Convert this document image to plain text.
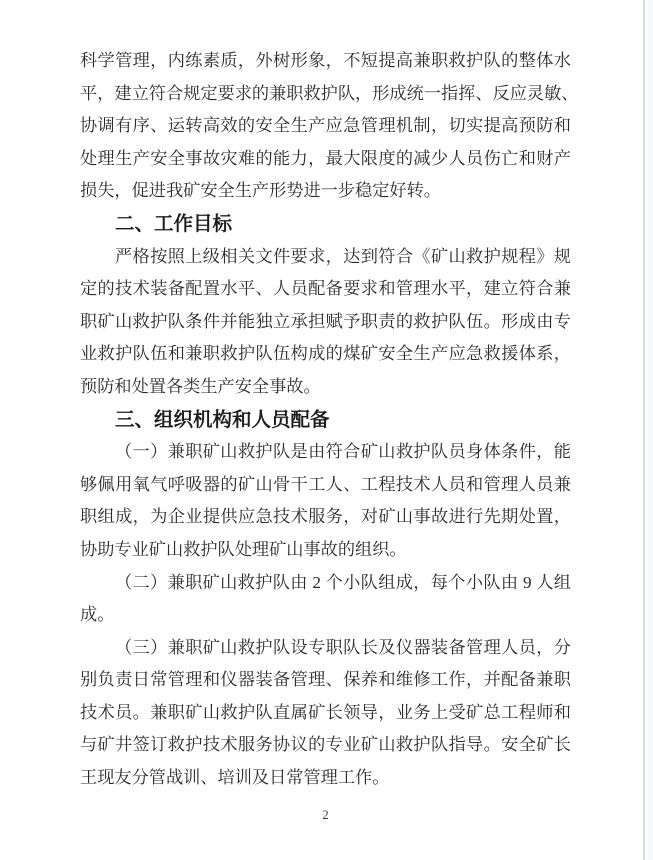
科学管理，内练素质，外树形象，不短提高兼职救护队的整体水
平，建立符合规定要求的兼职救护队，形成统一指挥、反应灵敏、
协调有序、运转高效的安全生产应急管理机制，切实提高预防和
处理生产安全事故灾难的能力，最大限度的减少人员伤亡和财产
损失，促进我矿安全生产形势进一步稳定好转。
二、工作目标
严格按照上级相关文件要求，达到符合《矿山救护规程》规
定的技术装备配置水平、人员配备要求和管理水平，建立符合兼
职矿山救护队条件并能独立承担赋予职责的救护队伍。形成由专
业救护队伍和兼职救护队伍构成的煤矿安全生产应急救援体系，
预防和处置各类生产安全事故。
三、组织机构和人员配备
（一）兼职矿山救护队是由符合矿山救护队员身体条件，能
够佩用氧气呼吸器的矿山骨干工人、工程技术人员和管理人员兼
职组成，为企业提供应急技术服务，对矿山事故进行先期处置，
协助专业矿山救护队处理矿山事故的组织。
（二）兼职矿山救护队由 2 个小队组成，每个小队由 9 人组
成。
（三）兼职矿山救护队设专职队长及仪器装备管理人员，分
别负责日常管理和仪器装备管理、保养和维修工作，并配备兼职
技术员。兼职矿山救护队直属矿长领导，业务上受矿总工程师和
与矿井签订救护技术服务协议的专业矿山救护队指导。安全矿长
王现友分管战训、培训及日常管理工作。
2
